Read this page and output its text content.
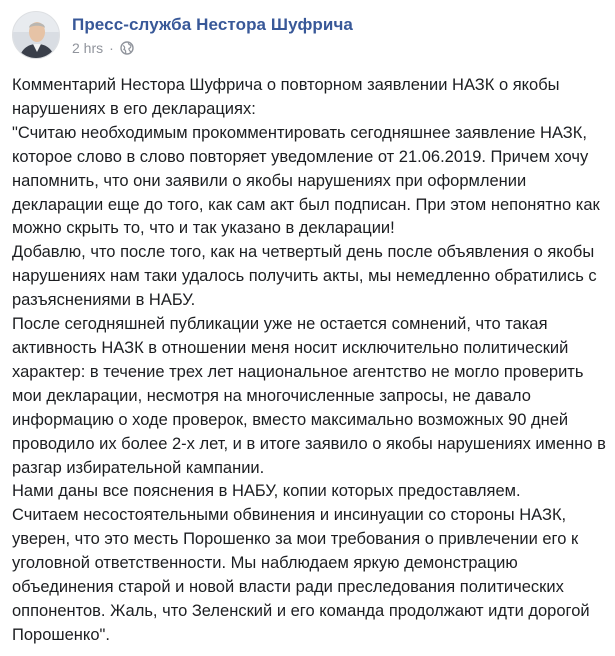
Пресс-служба Нестора Шуфрича
2 hrs ·

Комментарий Нестора Шуфрича о повторном заявлении НАЗК о якобы нарушениях в его декларациях:

"Считаю необходимым прокомментировать сегодняшнее заявление НАЗК, которое слово в слово повторяет уведомление от 21.06.2019. Причем хочу напомнить, что они заявили о якобы нарушениях при оформлении декларации еще до того, как сам акт был подписан. При этом непонятно как можно скрыть то, что и так указано в декларации!

Добавлю, что после того, как на четвертый день после объявления о якобы нарушениях нам таки удалось получить акты, мы немедленно обратились с разъяснениями в НАБУ.

После сегодняшней публикации уже не остается сомнений, что такая активность НАЗК в отношении меня носит исключительно политический характер: в течение трех лет национальное агентство не могло проверить мои декларации, несмотря на многочисленные запросы, не давало информацию о ходе проверок, вместо максимально возможных 90 дней проводило их более 2-х лет, и в итоге заявило о якобы нарушениях именно в разгар избирательной кампании.

Нами даны все пояснения в НАБУ, копии которых предоставляем.

Считаем несостоятельными обвинения и инсинуации со стороны НАЗК, уверен, что это месть Порошенко за мои требования о привлечении его к уголовной ответственности. Мы наблюдаем яркую демонстрацию объединения старой и новой власти ради преследования политических оппонентов. Жаль, что Зеленский и его команда продолжают идти дорогой Порошенко".
